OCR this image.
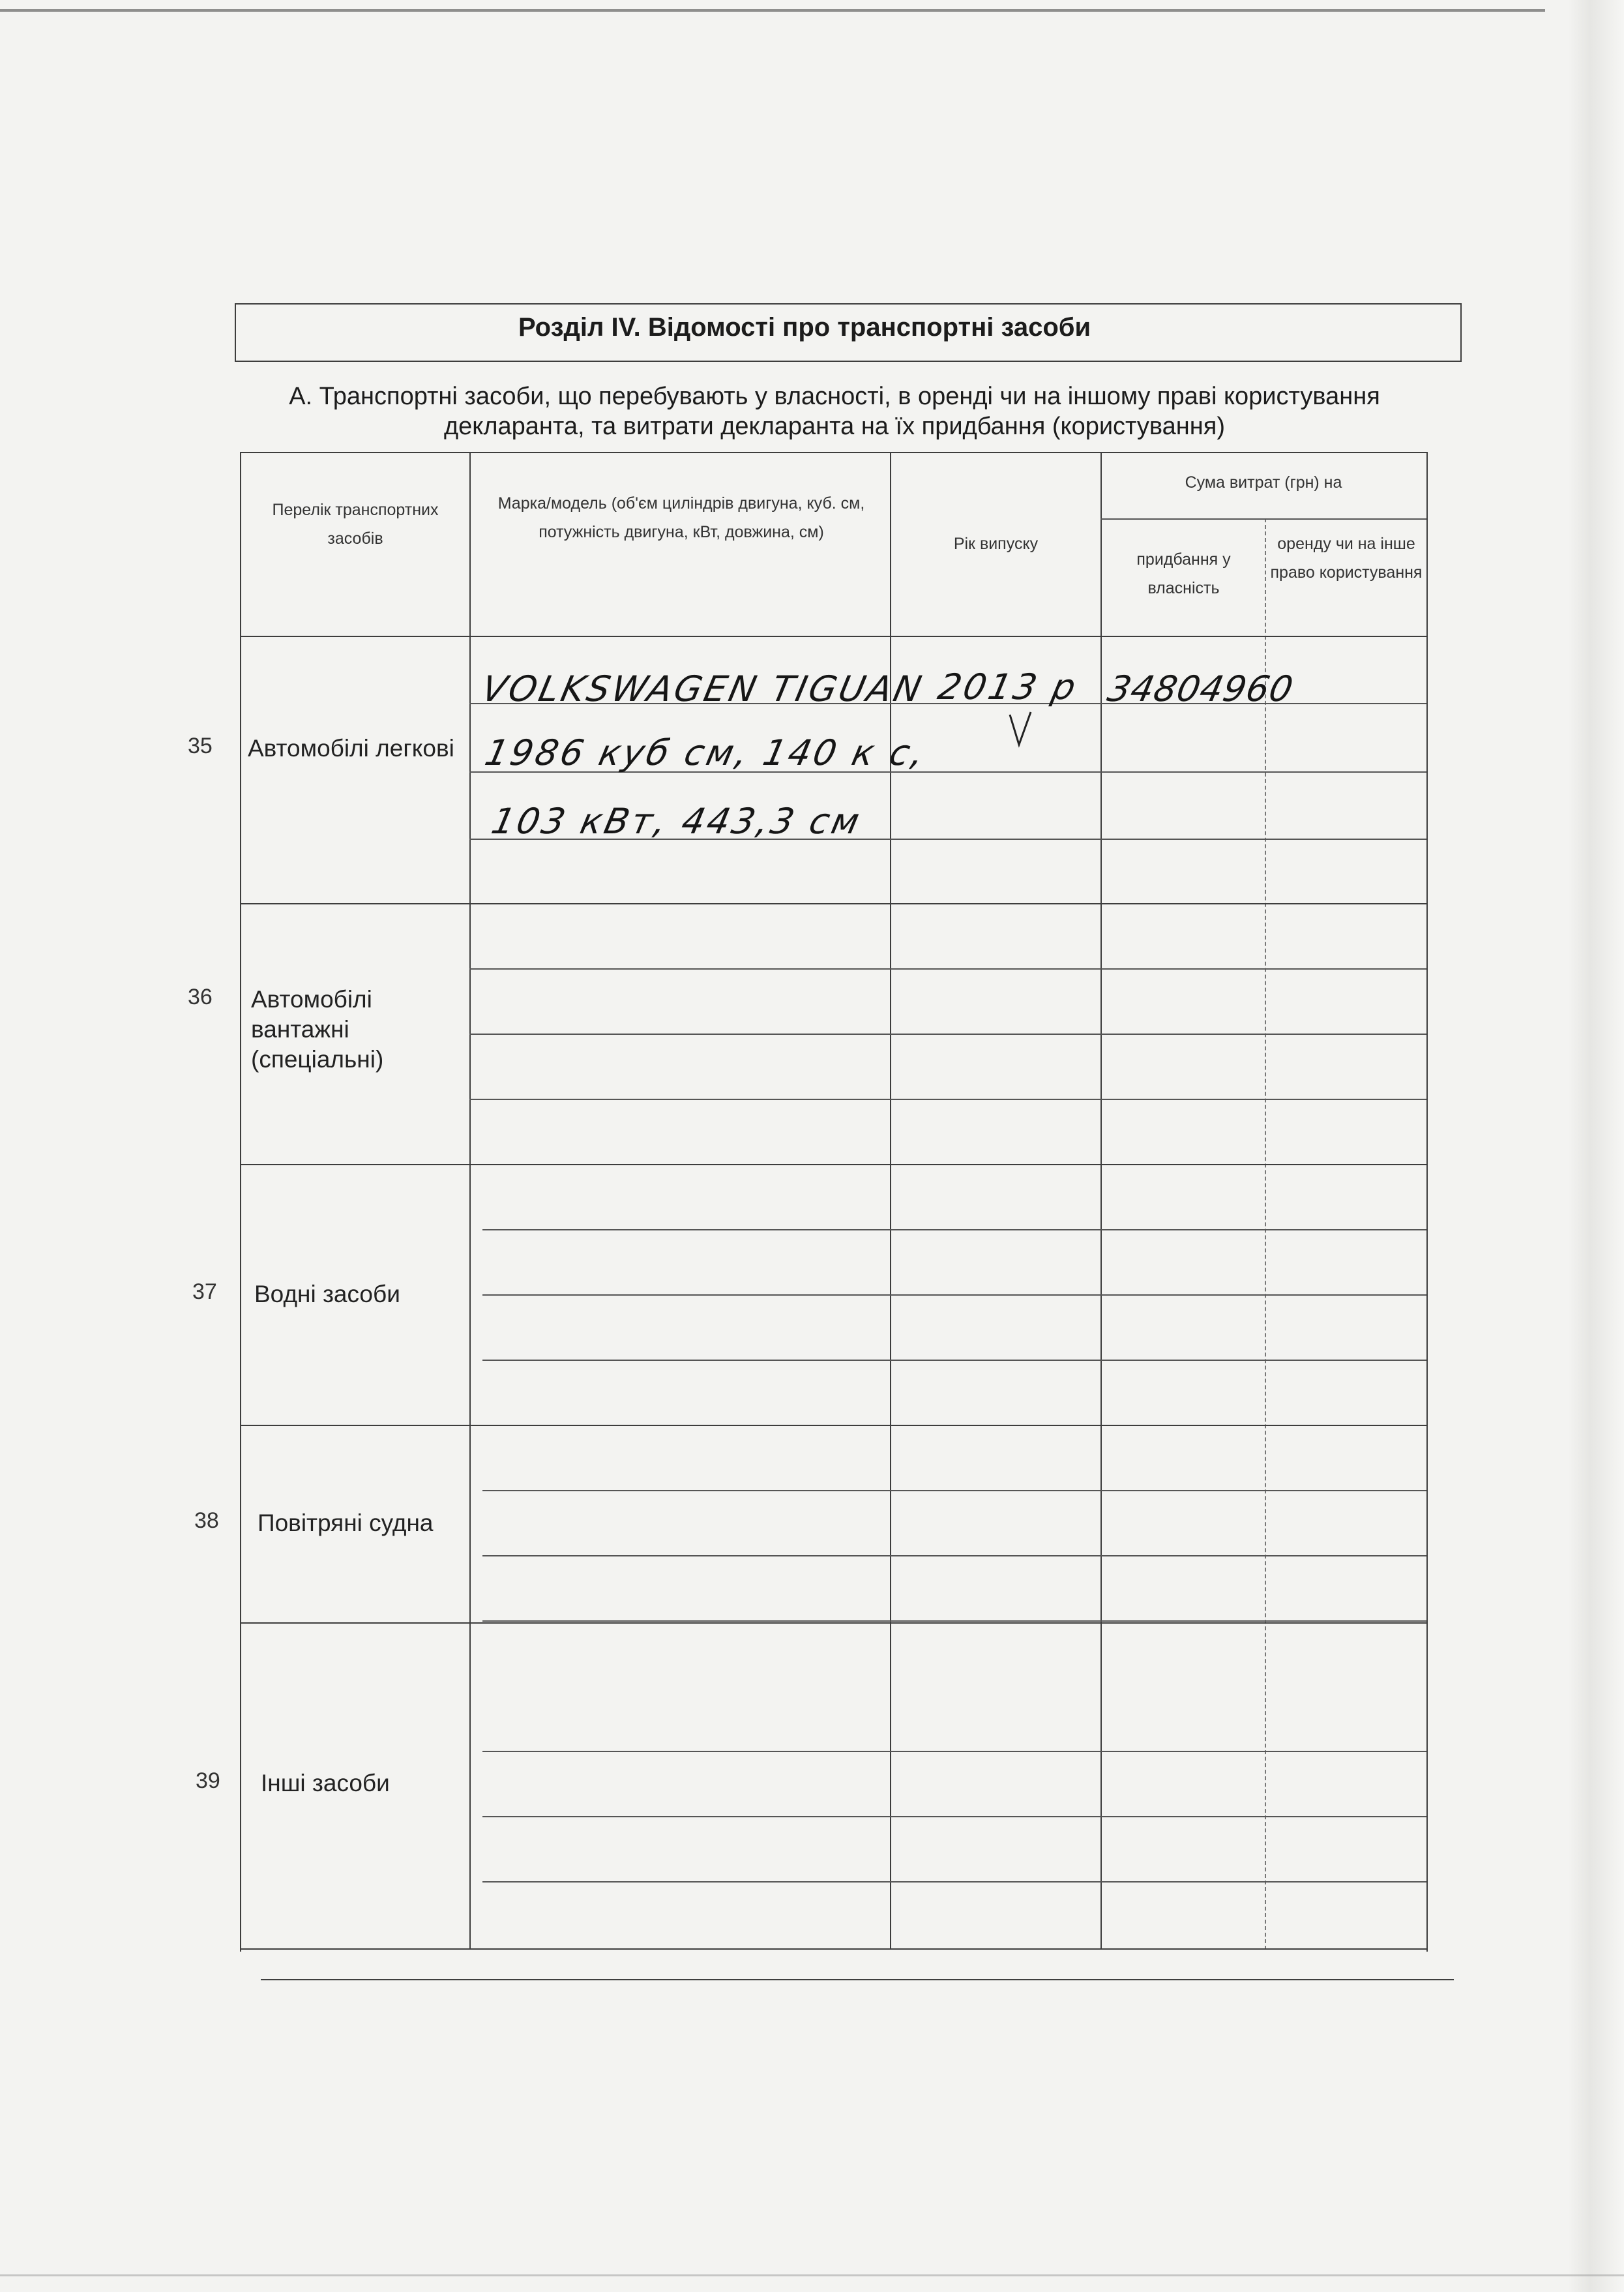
Розділ IV. Відомості про транспортні засоби
А. Транспортні засоби, що перебувають у власності, в оренді чи на іншому праві користування декларанта, та витрати декларанта на їх придбання (користування)
Перелік транспортних засобів
Марка/модель (об'єм циліндрів двигуна, куб. см, потужність двигуна, кВт, довжина, см)
Рік випуску
Сума витрат (грн) на
придбання у власність
оренду чи на інше право користування
35 Автомобілі легкові
36 Автомобілі вантажні (спеціальні)
37 Водні засоби
38 Повітряні судна
39 Інші засоби
VOLKSWAGEN TIGUAN 2013 р 34804960
1986 куб см, 140 к с,
103 кВт, 443,3 см
